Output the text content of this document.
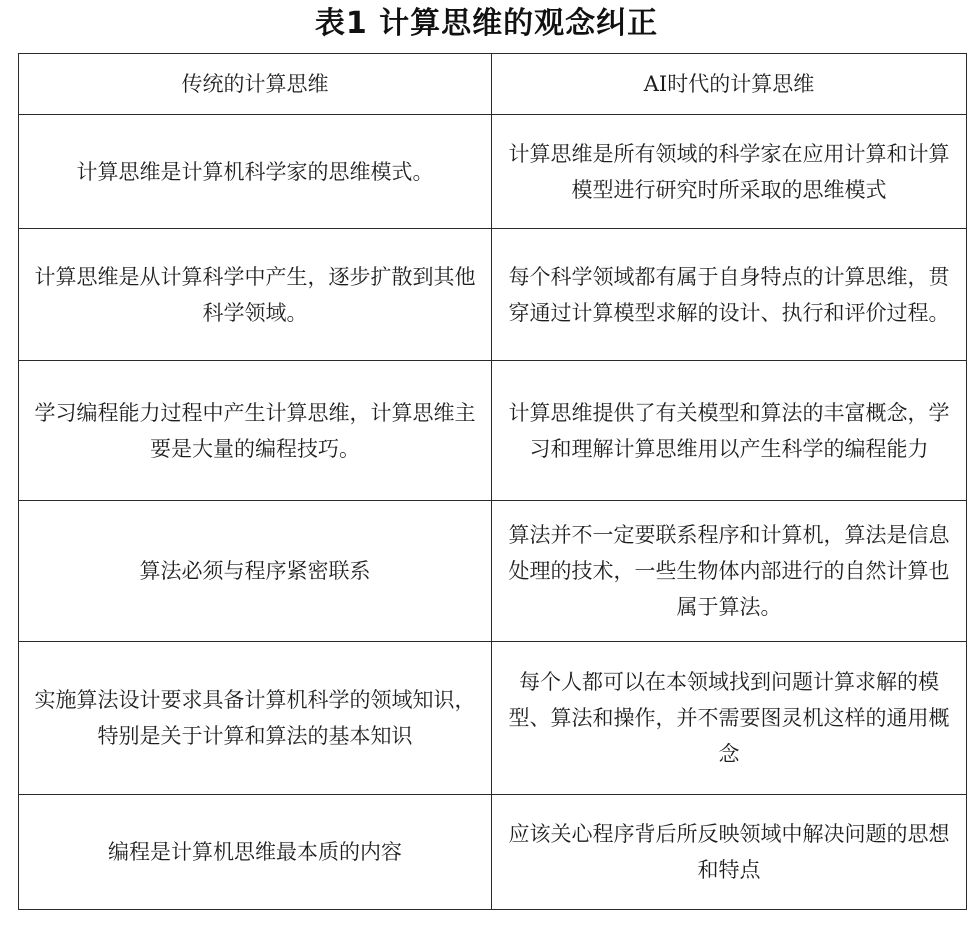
表1 计算思维的观念纠正
传统的计算思维	AI时代的计算思维
计算思维是计算机科学家的思维模式。	计算思维是所有领域的科学家在应用计算和计算模型进行研究时所采取的思维模式
计算思维是从计算科学中产生，逐步扩散到其他科学领域。	每个科学领域都有属于自身特点的计算思维，贯穿通过计算模型求解的设计、执行和评价过程。
学习编程能力过程中产生计算思维，计算思维主要是大量的编程技巧。	计算思维提供了有关模型和算法的丰富概念，学习和理解计算思维用以产生科学的编程能力
算法必须与程序紧密联系	算法并不一定要联系程序和计算机，算法是信息处理的技术，一些生物体内部进行的自然计算也属于算法。
实施算法设计要求具备计算机科学的领域知识，特别是关于计算和算法的基本知识	每个人都可以在本领域找到问题计算求解的模型、算法和操作，并不需要图灵机这样的通用概念
编程是计算机思维最本质的内容	应该关心程序背后所反映领域中解决问题的思想和特点
